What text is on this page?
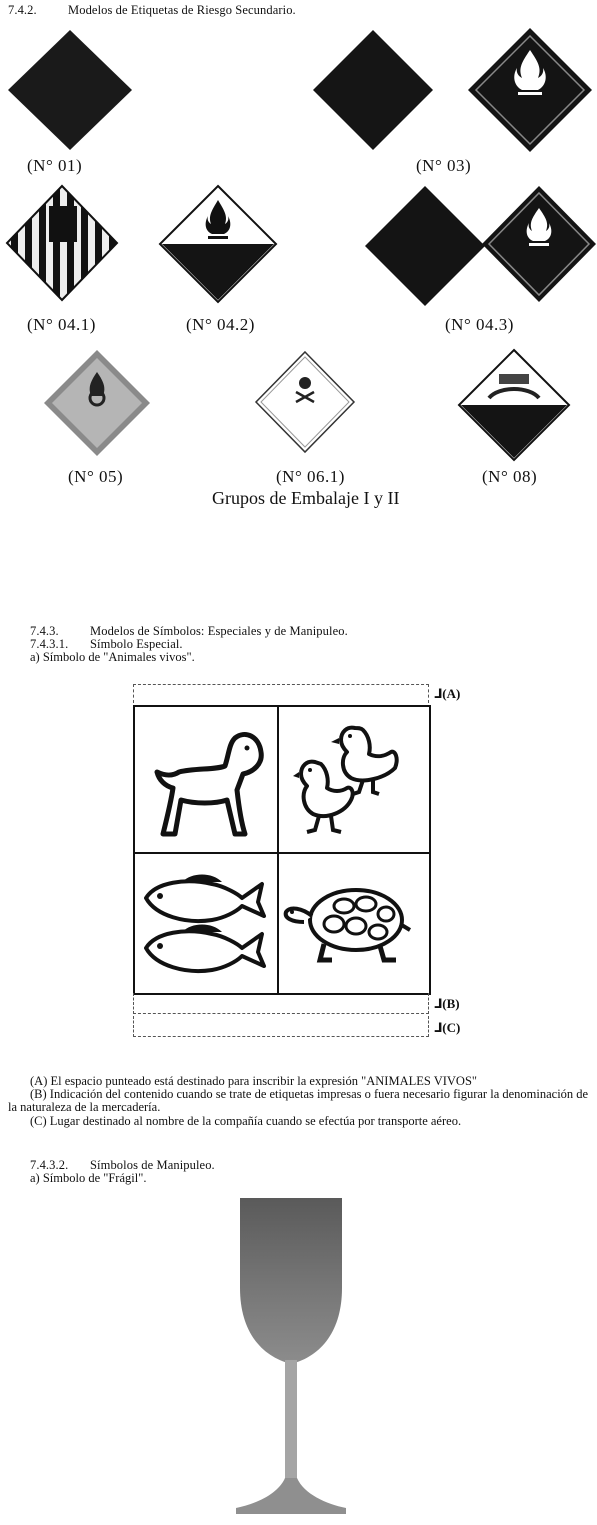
7.4.2.	Modelos de Etiquetas de Riesgo Secundario.
(N° 01)	(N° 03)
(N° 04.1)	(N° 04.2)	(N° 04.3)
(N° 05)	(N° 06.1)	(N° 08)
Grupos de Embalaje I y II
7.4.3.	Modelos de Símbolos: Especiales y de Manipuleo.
7.4.3.1. Símbolo Especial.
a) Símbolo de "Animales vivos".
⅃(A)
⅃(B)
⅃(C)
(A) El espacio punteado está destinado para inscribir la expresión "ANIMALES VIVOS"
(B) Indicación del contenido cuando se trate de etiquetas impresas o fuera necesario figurar la denominación de la naturaleza de la mercadería.
(C) Lugar destinado al nombre de la compañía cuando se efectúa por transporte aéreo.
7.4.3.2. Símbolos de Manipuleo.
a) Símbolo de "Frágil".
